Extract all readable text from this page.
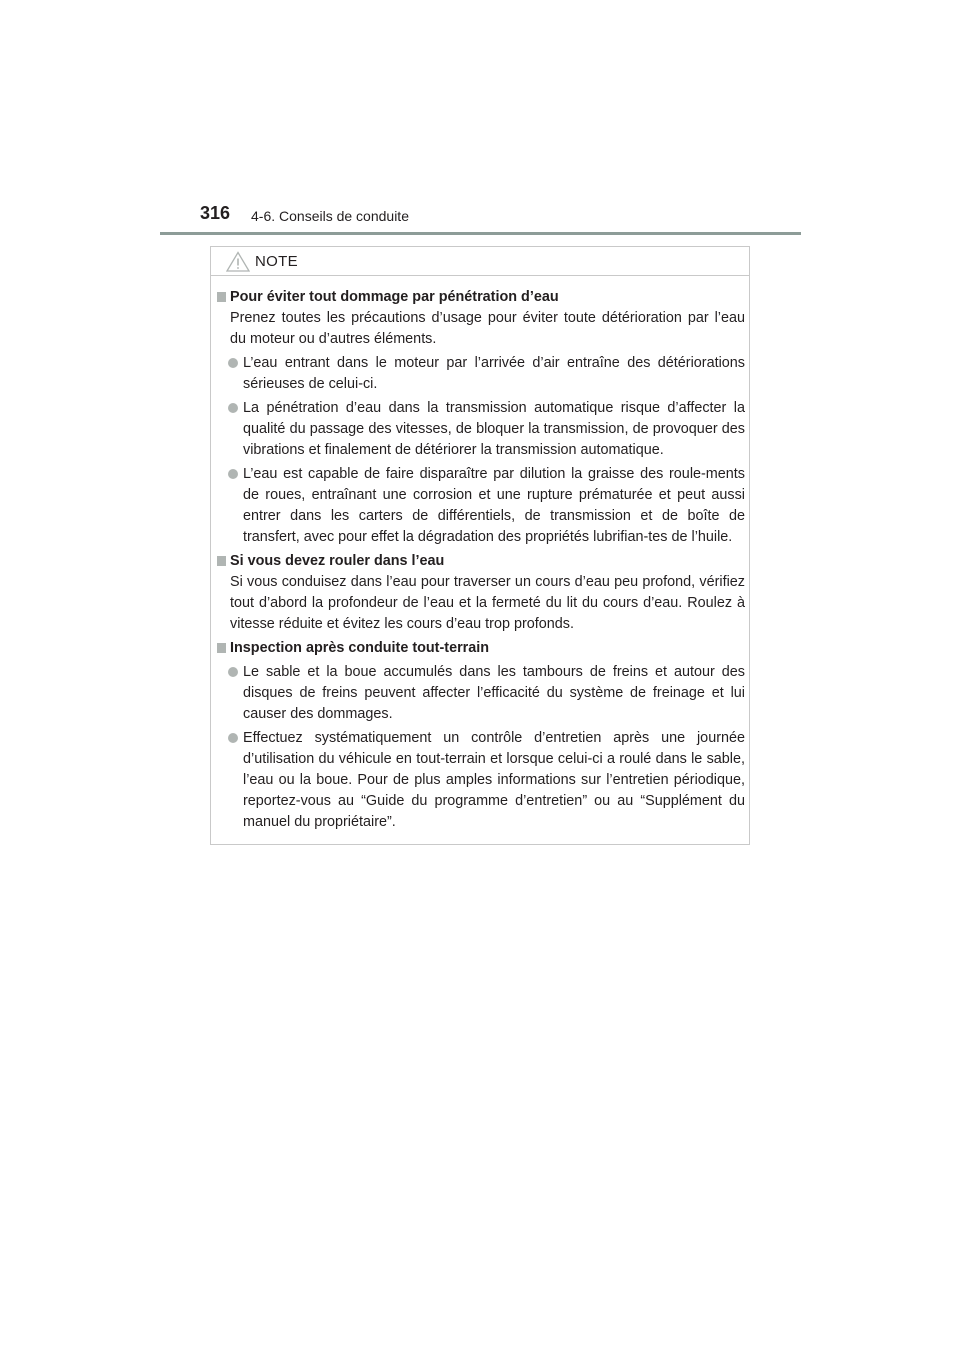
316 4-6. Conseils de conduite
NOTE
Pour éviter tout dommage par pénétration d’eau
Prenez toutes les précautions d’usage pour éviter toute détérioration par l’eau du moteur ou d’autres éléments.
L’eau entrant dans le moteur par l’arrivée d’air entraîne des détériorations sérieuses de celui-ci.
La pénétration d’eau dans la transmission automatique risque d’affecter la qualité du passage des vitesses, de bloquer la transmission, de provoquer des vibrations et finalement de détériorer la transmission automatique.
L’eau est capable de faire disparaître par dilution la graisse des roule-ments de roues, entraînant une corrosion et une rupture prématurée et peut aussi entrer dans les carters de différentiels, de transmission et de boîte de transfert, avec pour effet la dégradation des propriétés lubrifian-tes de l’huile.
Si vous devez rouler dans l’eau
Si vous conduisez dans l’eau pour traverser un cours d’eau peu profond, vérifiez tout d’abord la profondeur de l’eau et la fermeté du lit du cours d’eau. Roulez à vitesse réduite et évitez les cours d’eau trop profonds.
Inspection après conduite tout-terrain
Le sable et la boue accumulés dans les tambours de freins et autour des disques de freins peuvent affecter l’efficacité du système de freinage et lui causer des dommages.
Effectuez systématiquement un contrôle d’entretien après une journée d’utilisation du véhicule en tout-terrain et lorsque celui-ci a roulé dans le sable, l’eau ou la boue. Pour de plus amples informations sur l’entretien périodique, reportez-vous au “Guide du programme d’entretien” ou au “Supplément du manuel du propriétaire”.
